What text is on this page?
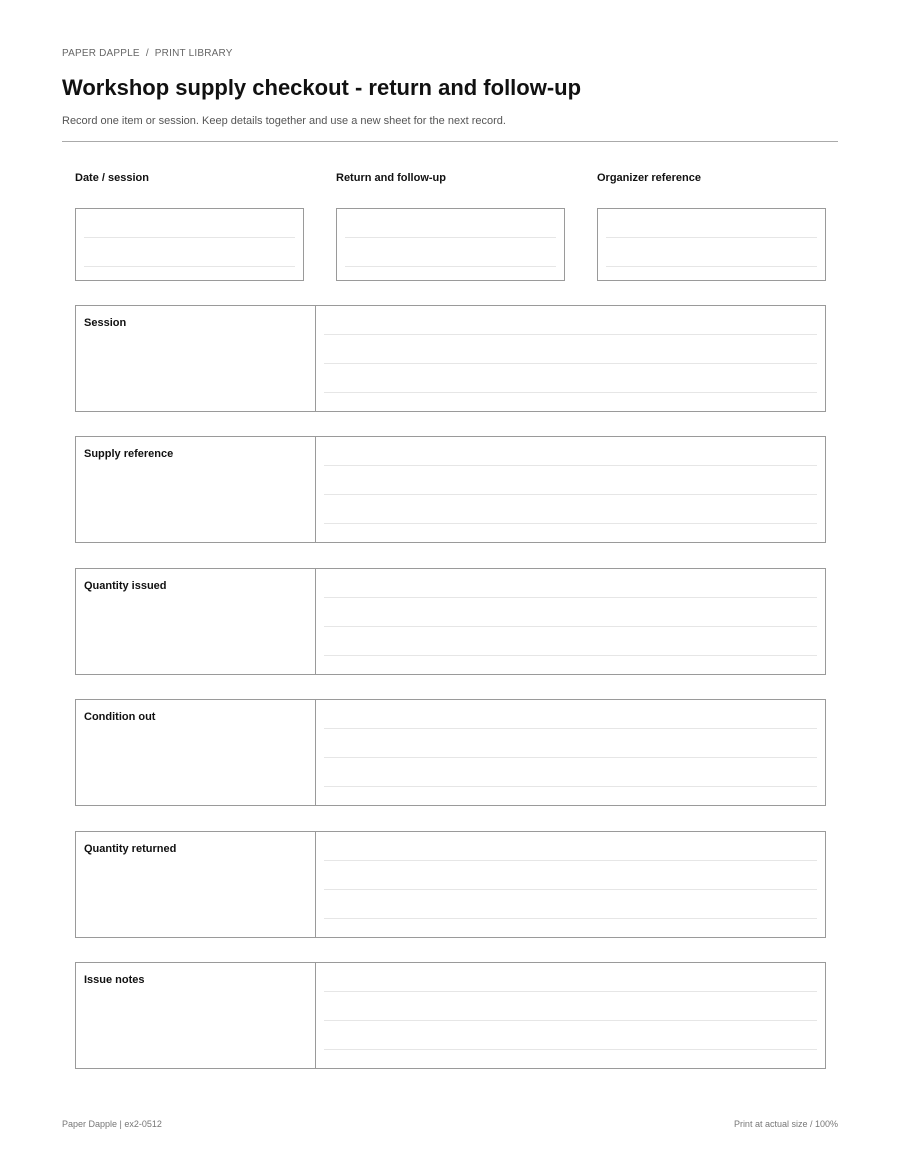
PAPER DAPPLE / PRINT LIBRARY
Workshop supply checkout - return and follow-up
Record one item or session. Keep details together and use a new sheet for the next record.
Date / session	Return and follow-up	Organizer reference
Session
Supply reference
Quantity issued
Condition out
Quantity returned
Issue notes
Paper Dapple | ex2-0512	Print at actual size / 100%
